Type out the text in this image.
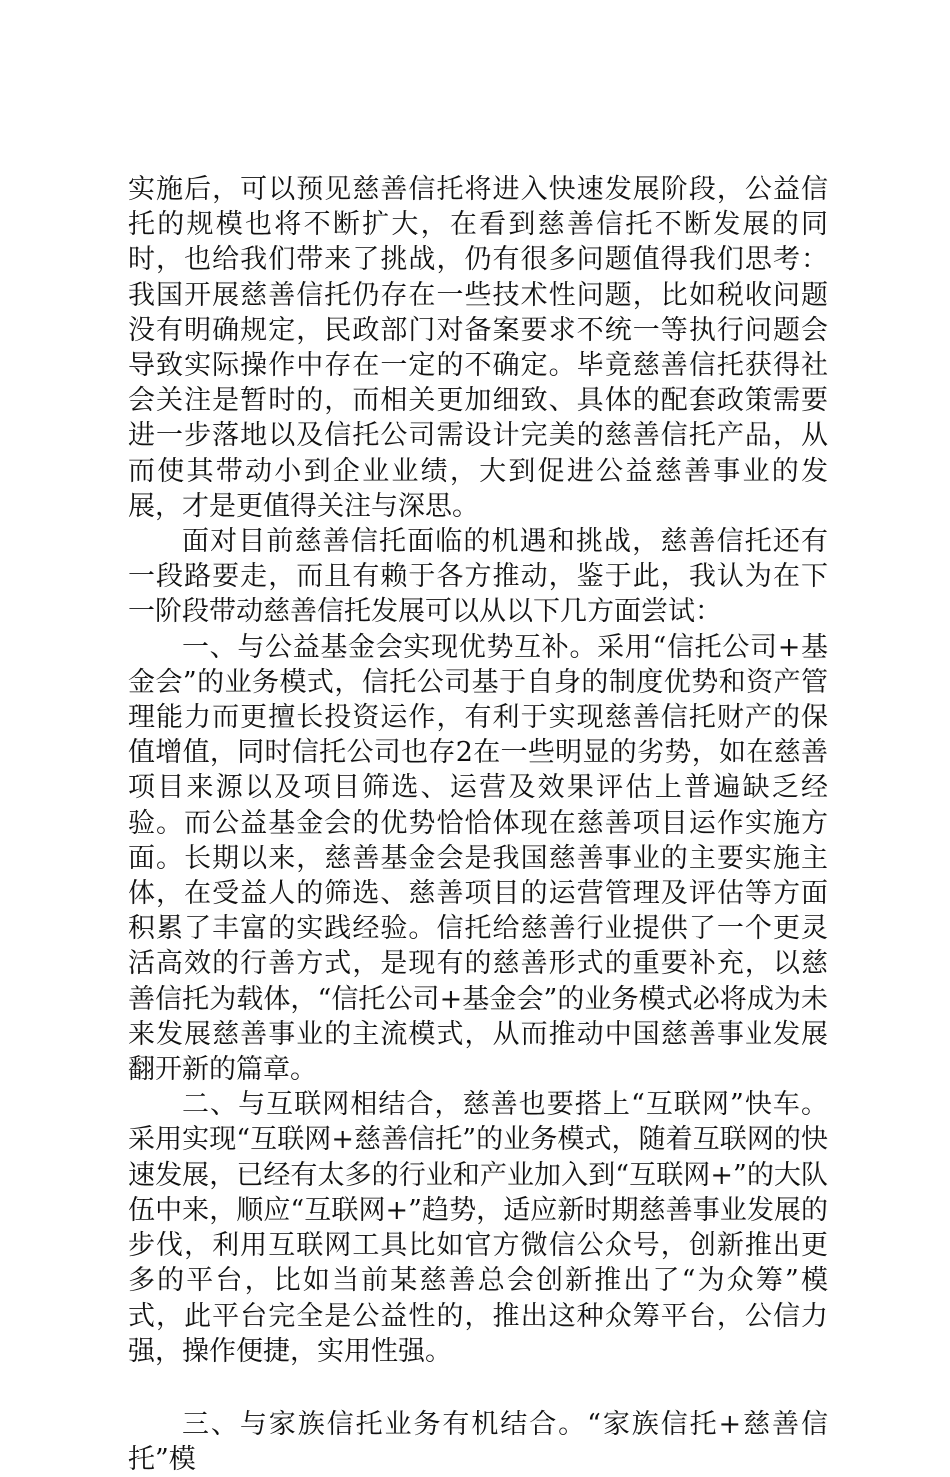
实施后，可以预见慈善信托将进入快速发展阶段，公益信托的规模也将不断扩大，在看到慈善信托不断发展的同时，也给我们带来了挑战，仍有很多问题值得我们思考：我国开展慈善信托仍存在一些技术性问题，比如税收问题没有明确规定，民政部门对备案要求不统一等执行问题会导致实际操作中存在一定的不确定。毕竟慈善信托获得社会关注是暂时的，而相关更加细致、具体的配套政策需要进一步落地以及信托公司需设计完美的慈善信托产品，从而使其带动小到企业业绩，大到促进公益慈善事业的发展，才是更值得关注与深思。

面对目前慈善信托面临的机遇和挑战，慈善信托还有一段路要走，而且有赖于各方推动，鉴于此，我认为在下一阶段带动慈善信托发展可以从以下几方面尝试：

一、与公益基金会实现优势互补。采用“信托公司+基金会”的业务模式，信托公司基于自身的制度优势和资产管理能力而更擅长投资运作，有利于实现慈善信托财产的保值增值，同时信托公司也存2在一些明显的劣势，如在慈善项目来源以及项目筛选、运营及效果评估上普遍缺乏经验。而公益基金会的优势恰恰体现在慈善项目运作实施方面。长期以来，慈善基金会是我国慈善事业的主要实施主体，在受益人的筛选、慈善项目的运营管理及评估等方面积累了丰富的实践经验。信托给慈善行业提供了一个更灵活高效的行善方式，是现有的慈善形式的重要补充，以慈善信托为载体，“信托公司+基金会”的业务模式必将成为未来发展慈善事业的主流模式，从而推动中国慈善事业发展翻开新的篇章。

二、与互联网相结合，慈善也要搭上“互联网”快车。采用实现“互联网+慈善信托”的业务模式，随着互联网的快速发展，已经有太多的行业和产业加入到“互联网+”的大队伍中来，顺应“互联网+”趋势，适应新时期慈善事业发展的步伐，利用互联网工具比如官方微信公众号，创新推出更多的平台，比如当前某慈善总会创新推出了“为众筹”模式，此平台完全是公益性的，推出这种众筹平台，公信力强，操作便捷，实用性强。

三、与家族信托业务有机结合。“家族信托+慈善信托”模
